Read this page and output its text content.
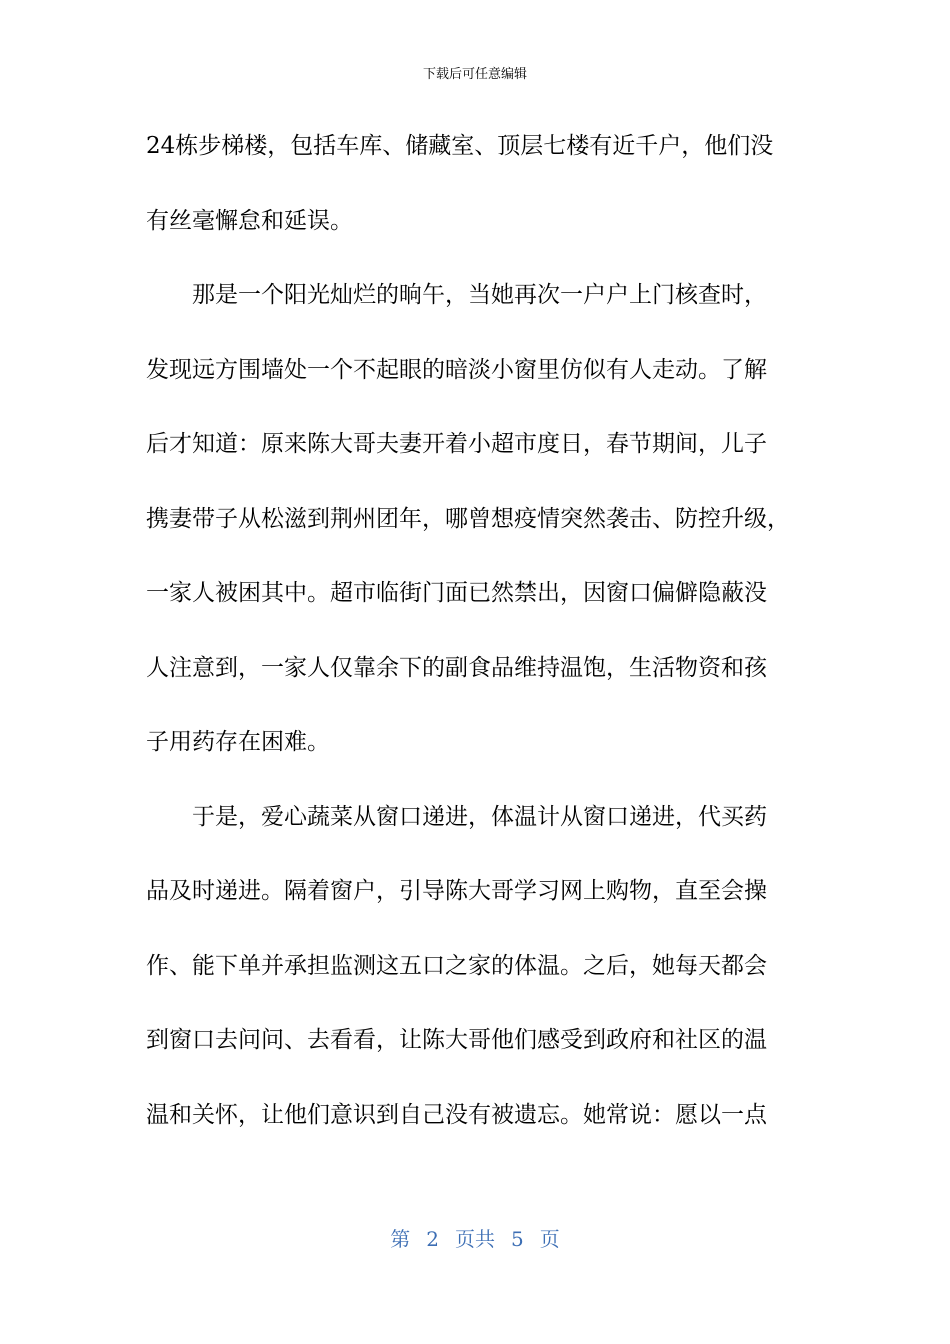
下载后可任意编辑
24栋步梯楼，包括车库、储藏室、顶层七楼有近千户，他们没
有丝毫懈怠和延误。
那是一个阳光灿烂的晌午，当她再次一户户上门核查时，
发现远方围墙处一个不起眼的暗淡小窗里仿似有人走动。了解
后才知道：原来陈大哥夫妻开着小超市度日，春节期间，儿子
携妻带子从松滋到荆州团年，哪曾想疫情突然袭击、防控升级，
一家人被困其中。超市临街门面已然禁出，因窗口偏僻隐蔽没
人注意到，一家人仅靠余下的副食品维持温饱，生活物资和孩
子用药存在困难。
于是，爱心蔬菜从窗口递进，体温计从窗口递进，代买药
品及时递进。隔着窗户，引导陈大哥学习网上购物，直至会操
作、能下单并承担监测这五口之家的体温。之后，她每天都会
到窗口去问问、去看看，让陈大哥他们感受到政府和社区的温
温和关怀，让他们意识到自己没有被遗忘。她常说：愿以一点
第 2 页共 5 页
